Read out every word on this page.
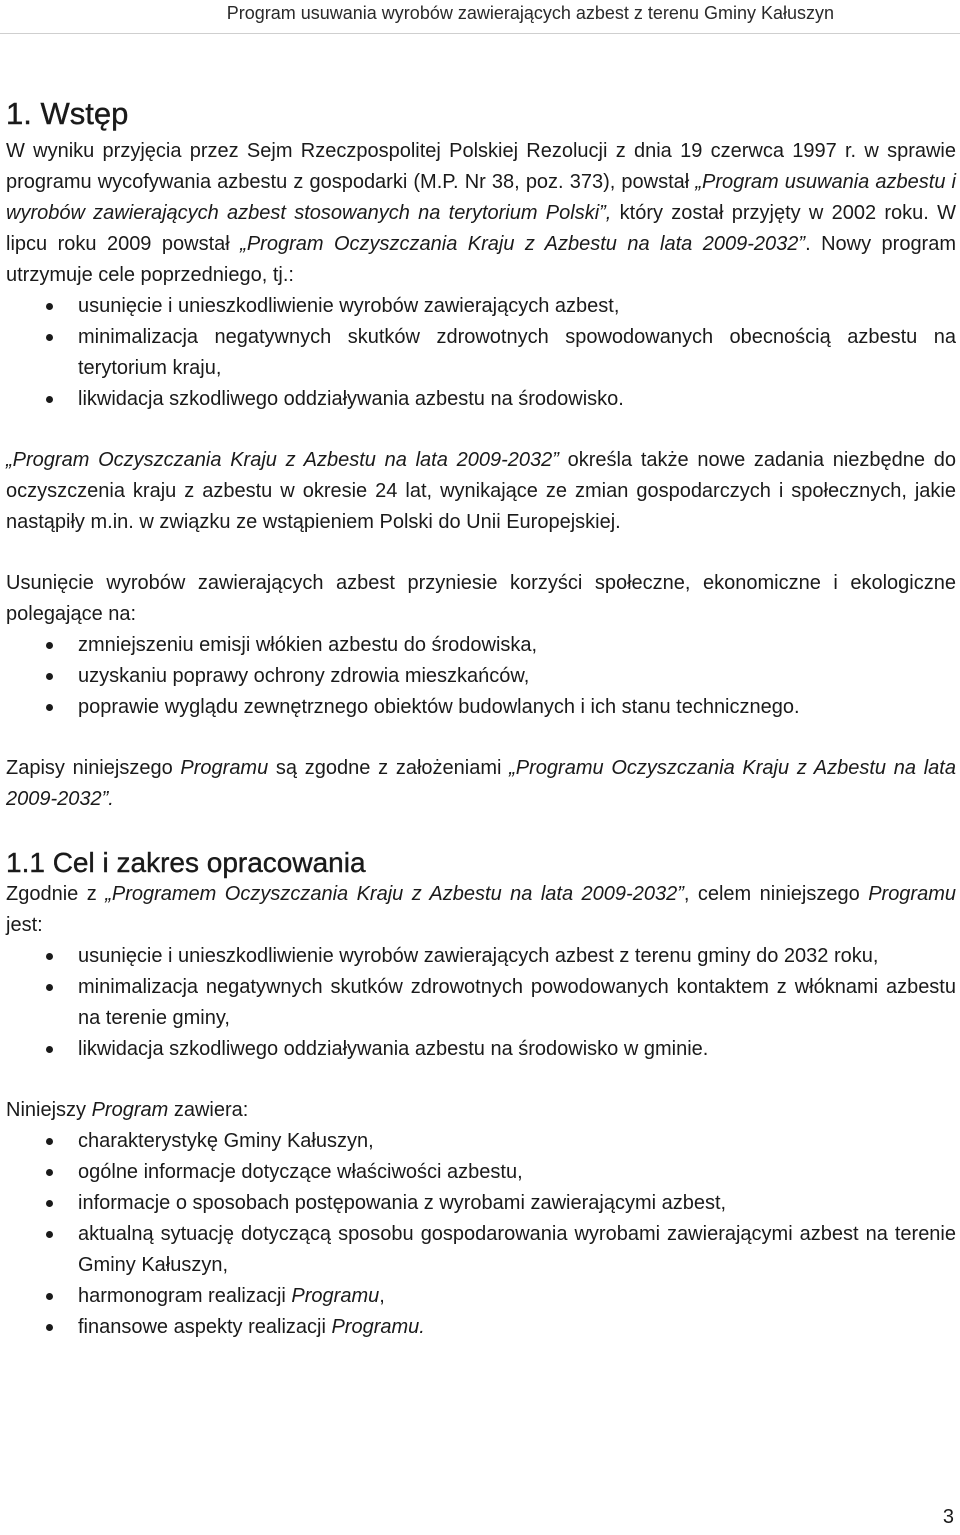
Program usuwania wyrobów zawierających azbest z terenu Gminy Kałuszyn
1. Wstęp

W wyniku przyjęcia przez Sejm Rzeczpospolitej Polskiej Rezolucji z dnia 19 czerwca 1997 r. w sprawie programu wycofywania azbestu z gospodarki (M.P. Nr 38, poz. 373), powstał „Program usuwania azbestu i wyrobów zawierających azbest stosowanych na terytorium Polski”, który został przyjęty w 2002 roku. W lipcu roku 2009 powstał „Program Oczyszczania Kraju z Azbestu na lata 2009-2032”. Nowy program utrzymuje cele poprzedniego, tj.:

usunięcie i unieszkodliwienie wyrobów zawierających azbest,
minimalizacja negatywnych skutków zdrowotnych spowodowanych obecnością azbestu na terytorium kraju,
likwidacja szkodliwego oddziaływania azbestu na środowisko.

„Program Oczyszczania Kraju z Azbestu na lata 2009-2032” określa także nowe zadania niezbędne do oczyszczenia kraju z azbestu w okresie 24 lat, wynikające ze zmian gospodarczych i społecznych, jakie nastąpiły m.in. w związku ze wstąpieniem Polski do Unii Europejskiej.

Usunięcie wyrobów zawierających azbest przyniesie korzyści społeczne, ekonomiczne i ekologiczne polegające na:

zmniejszeniu emisji włókien azbestu do środowiska,
uzyskaniu poprawy ochrony zdrowia mieszkańców,
poprawie wyglądu zewnętrznego obiektów budowlanych i ich stanu technicznego.

Zapisy niniejszego Programu są zgodne z założeniami „Programu Oczyszczania Kraju z Azbestu na lata 2009-2032”.

1.1 Cel i zakres opracowania

Zgodnie z „Programem Oczyszczania Kraju z Azbestu na lata 2009-2032”, celem niniejszego Programu jest:

usunięcie i unieszkodliwienie wyrobów zawierających azbest z terenu gminy do 2032 roku,
minimalizacja negatywnych skutków zdrowotnych powodowanych kontaktem z włóknami azbestu na terenie gminy,
likwidacja szkodliwego oddziaływania azbestu na środowisko w gminie.

Niniejszy Program zawiera:

charakterystykę Gminy Kałuszyn,
ogólne informacje dotyczące właściwości azbestu,
informacje o sposobach postępowania z wyrobami zawierającymi azbest,
aktualną sytuację dotyczącą sposobu gospodarowania wyrobami zawierającymi azbest na terenie Gminy Kałuszyn,
harmonogram realizacji Programu,
finansowe aspekty realizacji Programu.
3
